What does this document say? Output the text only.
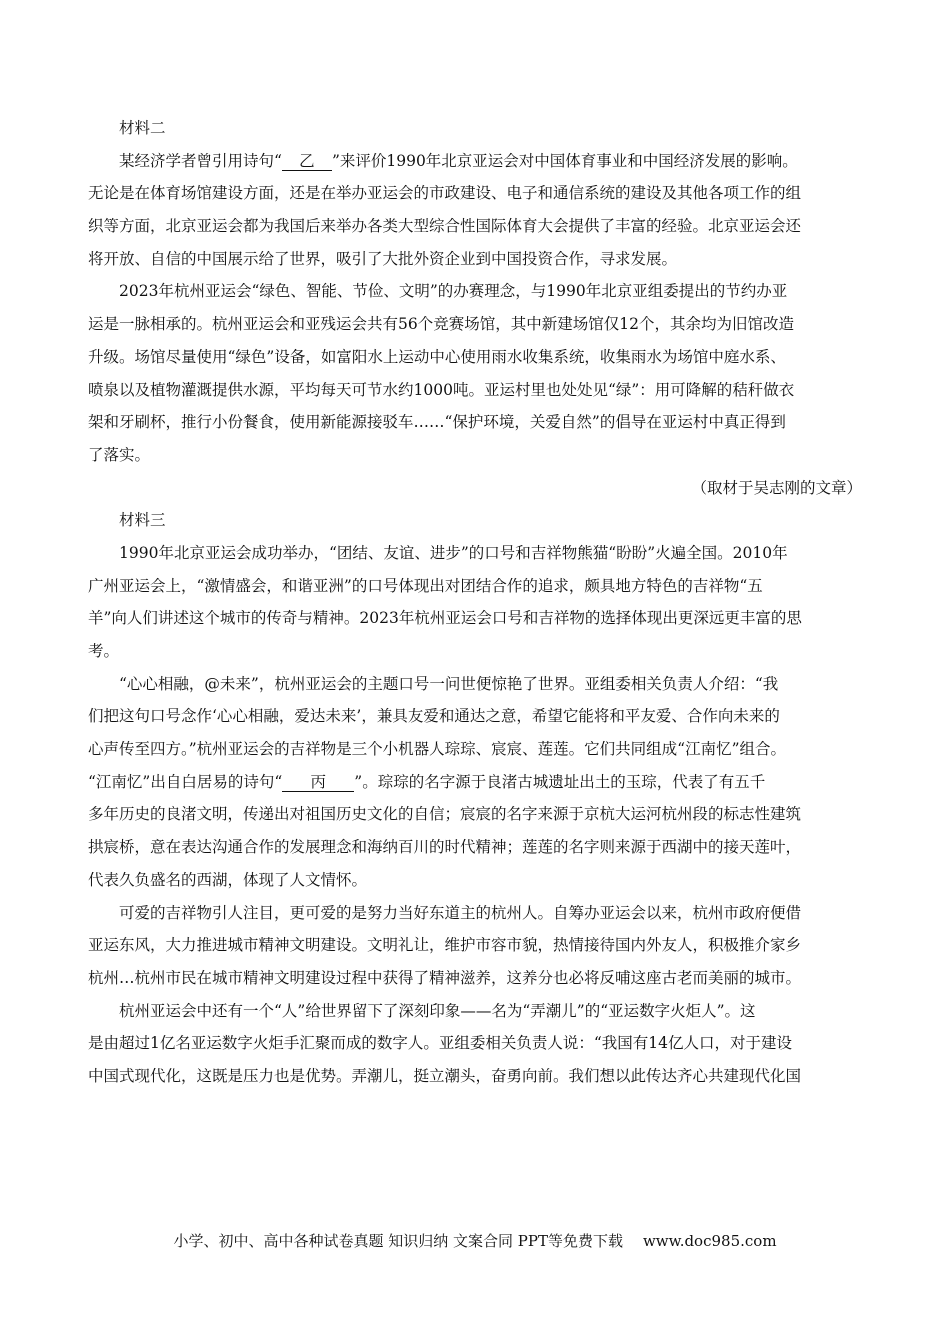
材料二
某经济学者曾引用诗句“ 乙 ”来评价1990年北京亚运会对中国体育事业和中国经济发展的影响。
无论是在体育场馆建设方面，还是在举办亚运会的市政建设、电子和通信系统的建设及其他各项工作的组
织等方面，北京亚运会都为我国后来举办各类大型综合性国际体育大会提供了丰富的经验。北京亚运会还
将开放、自信的中国展示给了世界，吸引了大批外资企业到中国投资合作，寻求发展。
2023年杭州亚运会“绿色、智能、节俭、文明”的办赛理念，与1990年北京亚组委提出的节约办亚
运是一脉相承的。杭州亚运会和亚残运会共有56个竞赛场馆，其中新建场馆仅12个，其余均为旧馆改造
升级。场馆尽量使用“绿色”设备，如富阳水上运动中心使用雨水收集系统，收集雨水为场馆中庭水系、
喷泉以及植物灌溉提供水源，平均每天可节水约1000吨。亚运村里也处处见“绿”：用可降解的秸秆做衣
架和牙刷杯，推行小份餐食，使用新能源接驳车……“保护环境，关爱自然”的倡导在亚运村中真正得到
了落实。
（取材于吴志刚的文章）
材料三
1990年北京亚运会成功举办，“团结、友谊、进步”的口号和吉祥物熊猫“盼盼”火遍全国。2010年
广州亚运会上，“激情盛会，和谐亚洲”的口号体现出对团结合作的追求，颇具地方特色的吉祥物“五
羊”向人们讲述这个城市的传奇与精神。2023年杭州亚运会口号和吉祥物的选择体现出更深远更丰富的思
考。
“心心相融，@未来”，杭州亚运会的主题口号一问世便惊艳了世界。亚组委相关负责人介绍：“我
们把这句口号念作‘心心相融，爱达未来’，兼具友爱和通达之意，希望它能将和平友爱、合作向未来的
心声传至四方。”杭州亚运会的吉祥物是三个小机器人琮琮、宸宸、莲莲。它们共同组成“江南忆”组合。
“江南忆”出自白居易的诗句“ 丙 ”。琮琮的名字源于良渚古城遗址出土的玉琮，代表了有五千
多年历史的良渚文明，传递出对祖国历史文化的自信；宸宸的名字来源于京杭大运河杭州段的标志性建筑
拱宸桥，意在表达沟通合作的发展理念和海纳百川的时代精神；莲莲的名字则来源于西湖中的接天莲叶，
代表久负盛名的西湖，体现了人文情怀。
可爱的吉祥物引人注目，更可爱的是努力当好东道主的杭州人。自筹办亚运会以来，杭州市政府便借
亚运东风，大力推进城市精神文明建设。文明礼让，维护市容市貌，热情接待国内外友人，积极推介家乡
杭州…杭州市民在城市精神文明建设过程中获得了精神滋养，这养分也必将反哺这座古老而美丽的城市。
杭州亚运会中还有一个“人”给世界留下了深刻印象——名为“弄潮儿”的“亚运数字火炬人”。这
是由超过1亿名亚运数字火炬手汇聚而成的数字人。亚组委相关负责人说：“我国有14亿人口，对于建设
中国式现代化，这既是压力也是优势。弄潮儿，挺立潮头，奋勇向前。我们想以此传达齐心共建现代化国
小学、初中、高中各种试卷真题 知识归纳 文案合同 PPT等免费下载 www.doc985.com
